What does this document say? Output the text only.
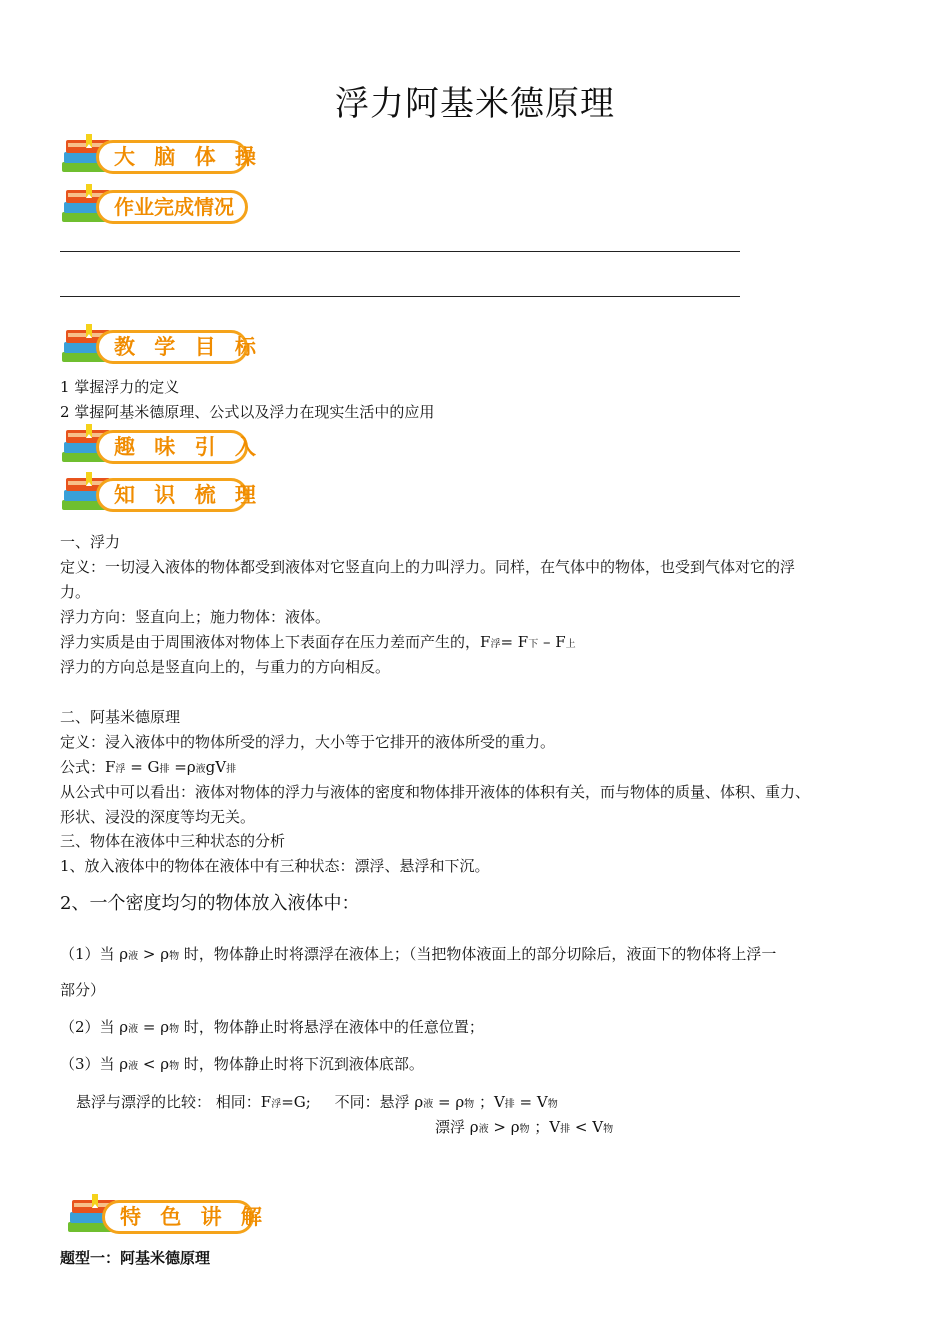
浮力阿基米德原理
大 脑 体 操
作业完成情况
教 学 目 标
1 掌握浮力的定义
2 掌握阿基米德原理、公式以及浮力在现实生活中的应用
趣 味 引 入
知 识 梳 理
一、浮力
定义：一切浸入液体的物体都受到液体对它竖直向上的力叫浮力。同样，在气体中的物体，也受到气体对它的浮
力。
浮力方向：竖直向上；施力物体：液体。
浮力实质是由于周围液体对物体上下表面存在压力差而产生的，F浮= F下 – F上
浮力的方向总是竖直向上的，与重力的方向相反。
二、阿基米德原理
定义：浸入液体中的物体所受的浮力，大小等于它排开的液体所受的重力。
公式：F浮 = G排 =ρ液gV排
从公式中可以看出：液体对物体的浮力与液体的密度和物体排开液体的体积有关，而与物体的质量、体积、重力、
形状、浸没的深度等均无关。
三、物体在液体中三种状态的分析
1、放入液体中的物体在液体中有三种状态：漂浮、悬浮和下沉。
2、一个密度均匀的物体放入液体中：
（1）当 ρ液 > ρ物 时，物体静止时将漂浮在液体上；（当把物体液面上的部分切除后，液面下的物体将上浮一
部分）
（2）当 ρ液 = ρ物 时，物体静止时将悬浮在液体中的任意位置；
（3）当 ρ液 < ρ物 时，物体静止时将下沉到液体底部。
悬浮与漂浮的比较： 相同：F浮=G; 不同：悬浮 ρ液 = ρ物 ；V排 = V物
漂浮 ρ液 > ρ物 ；V排 < V物
特 色 讲 解
题型一：阿基米德原理
